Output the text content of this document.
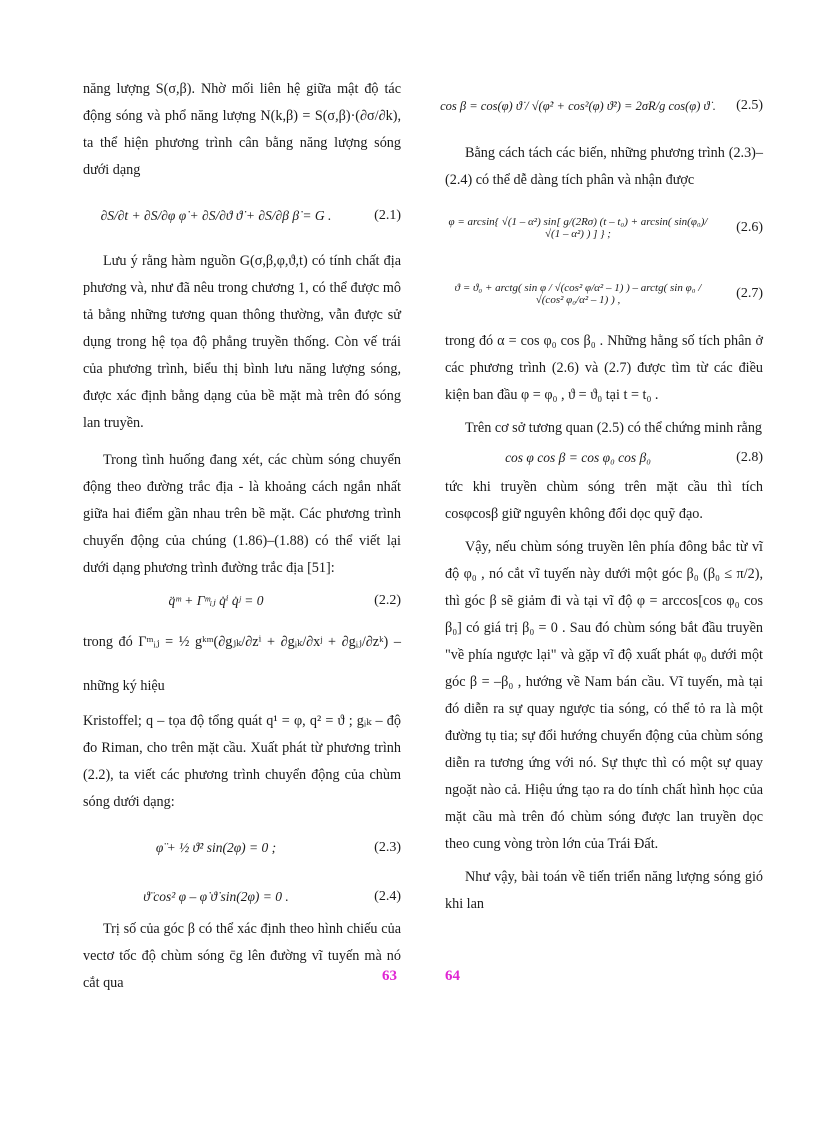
năng lượng S(σ,β). Nhờ mối liên hệ giữa mật độ tác động sóng và phổ năng lượng N(k,β) = S(σ,β)·(∂σ/∂k), ta thể hiện phương trình cân bằng năng lượng sóng dưới dạng

∂S/∂t + ∂S/∂φ φ̇ + ∂S/∂ϑ ϑ̇ + ∂S/∂β β̇ = G .	(2.1)

Lưu ý rằng hàm nguồn G(σ,β,φ,ϑ,t) có tính chất địa phương và, như đã nêu trong chương 1, có thể được mô tả bằng những tương quan thông thường, vẫn được sử dụng trong hệ tọa độ phẳng truyền thống. Còn vế trái của phương trình, biểu thị bình lưu năng lượng sóng, được xác định bằng dạng của bề mặt mà trên đó sóng lan truyền.

Trong tình huống đang xét, các chùm sóng chuyển động theo đường trắc địa - là khoảng cách ngắn nhất giữa hai điểm gần nhau trên bề mặt. Các phương trình chuyển động của chúng (1.86)–(1.88) có thể viết lại dưới dạng phương trình đường trắc địa [51]:

q̈ᵐ + Γᵐᵢⱼ q̇ⁱ q̇ʲ = 0	(2.2)

trong đó Γᵐᵢⱼ = ½ gᵏᵐ(∂gⱼₖ/∂zⁱ + ∂gᵢₖ/∂xʲ + ∂gᵢⱼ/∂zᵏ) – những ký hiệu

Kristoffel; q – tọa độ tổng quát q¹ = φ, q² = ϑ ; gᵢₖ – độ đo Riman, cho trên mặt cầu. Xuất phát từ phương trình (2.2), ta viết các phương trình chuyển động của chùm sóng dưới dạng:

φ̈ + ½ ϑ̇² sin(2φ) = 0 ;	(2.3)
ϑ̈ cos² φ – φ̇ ϑ̇ sin(2φ) = 0 .	(2.4)

Trị số của góc β có thể xác định theo hình chiếu của vectơ tốc độ chùm sóng c̄g lên đường vĩ tuyến mà nó cắt qua	63
cos β = cos(φ) ϑ̇ / √(φ̇² + cos²(φ) ϑ̇²) = 2σR/g cos(φ) ϑ̇ . (2.5)

Bằng cách tách các biến, những phương trình (2.3)–(2.4) có thể dễ dàng tích phân và nhận được

φ = arcsin{ √(1 – α²) sin[ g/(2Rσ) (t – t₀) + arcsin( sin(φ₀)/√(1 – α²) ) ] } ;	(2.6)
ϑ = ϑ₀ + arctg( sin φ / √(cos² φ/α² – 1) ) – arctg( sin φ₀ / √(cos² φ₀/α² – 1) ) ,	(2.7)

trong đó α = cos φ₀ cos β₀ . Những hằng số tích phân ở các phương trình (2.6) và (2.7) được tìm từ các điều kiện ban đầu φ = φ₀ , ϑ = ϑ₀ tại t = t₀ .

Trên cơ sở tương quan (2.5) có thể chứng minh rằng

cos φ cos β = cos φ₀ cos β₀	(2.8)

tức khi truyền chùm sóng trên mặt cầu thì tích cosφcosβ giữ nguyên không đổi dọc quỹ đạo.

Vậy, nếu chùm sóng truyền lên phía đông bắc từ vĩ độ φ₀ , nó cắt vĩ tuyến này dưới một góc β₀ (β₀ ≤ π/2), thì góc β sẽ giảm đi và tại vĩ độ φ = arccos[cos φ₀ cos β₀] có giá trị β₀ = 0 . Sau đó chùm sóng bắt đầu truyền "về phía ngược lại" và gặp vĩ độ xuất phát φ₀ dưới một góc β = –β₀ , hướng về Nam bán cầu. Vĩ tuyến, mà tại đó diễn ra sự quay ngược tia sóng, có thể tỏ ra là một đường tụ tia; sự đổi hướng chuyển động của chùm sóng diễn ra tương ứng với nó. Sự thực thì có một sự quay ngoặt nào cả. Hiệu ứng tạo ra do tính chất hình học của mặt cầu mà trên đó chùm sóng được lan truyền dọc theo cung vòng tròn lớn của Trái Đất.

Như vậy, bài toán về tiến triển năng lượng sóng gió khi lan

64
